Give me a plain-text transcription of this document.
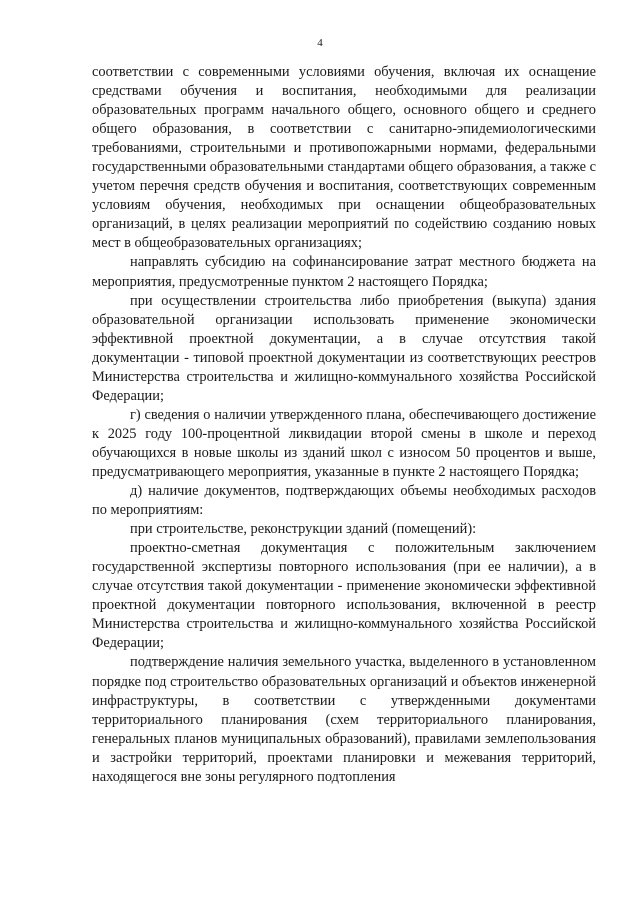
4

соответствии с современными условиями обучения, включая их оснащение средствами обучения и воспитания, необходимыми для реализации образовательных программ начального общего, основного общего и среднего общего образования, в соответствии с санитарно-эпидемиологическими требованиями, строительными и противопожарными нормами, федеральными государственными образовательными стандартами общего образования, а также с учетом перечня средств обучения и воспитания, соответствующих современным условиям обучения, необходимых при оснащении общеобразовательных организаций, в целях реализации мероприятий по содействию созданию новых мест в общеобразовательных организациях;

направлять субсидию на софинансирование затрат местного бюджета на мероприятия, предусмотренные пунктом 2 настоящего Порядка;

при осуществлении строительства либо приобретения (выкупа) здания образовательной организации использовать применение экономически эффективной проектной документации, а в случае отсутствия такой документации - типовой проектной документации из соответствующих реестров Министерства строительства и жилищно-коммунального хозяйства Российской Федерации;

г) сведения о наличии утвержденного плана, обеспечивающего достижение к 2025 году 100-процентной ликвидации второй смены в школе и переход обучающихся в новые школы из зданий школ с износом 50 процентов и выше, предусматривающего мероприятия, указанные в пункте 2 настоящего Порядка;

д) наличие документов, подтверждающих объемы необходимых расходов по мероприятиям:

при строительстве, реконструкции зданий (помещений):

проектно-сметная документация с положительным заключением государственной экспертизы повторного использования (при ее наличии), а в случае отсутствия такой документации - применение экономически эффективной проектной документации повторного использования, включенной в реестр Министерства строительства и жилищно-коммунального хозяйства Российской Федерации;

подтверждение наличия земельного участка, выделенного в установленном порядке под строительство образовательных организаций и объектов инженерной инфраструктуры, в соответствии с утвержденными документами территориального планирования (схем территориального планирования, генеральных планов муниципальных образований), правилами землепользования и застройки территорий, проектами планировки и межевания территорий, находящегося вне зоны регулярного подтопления
